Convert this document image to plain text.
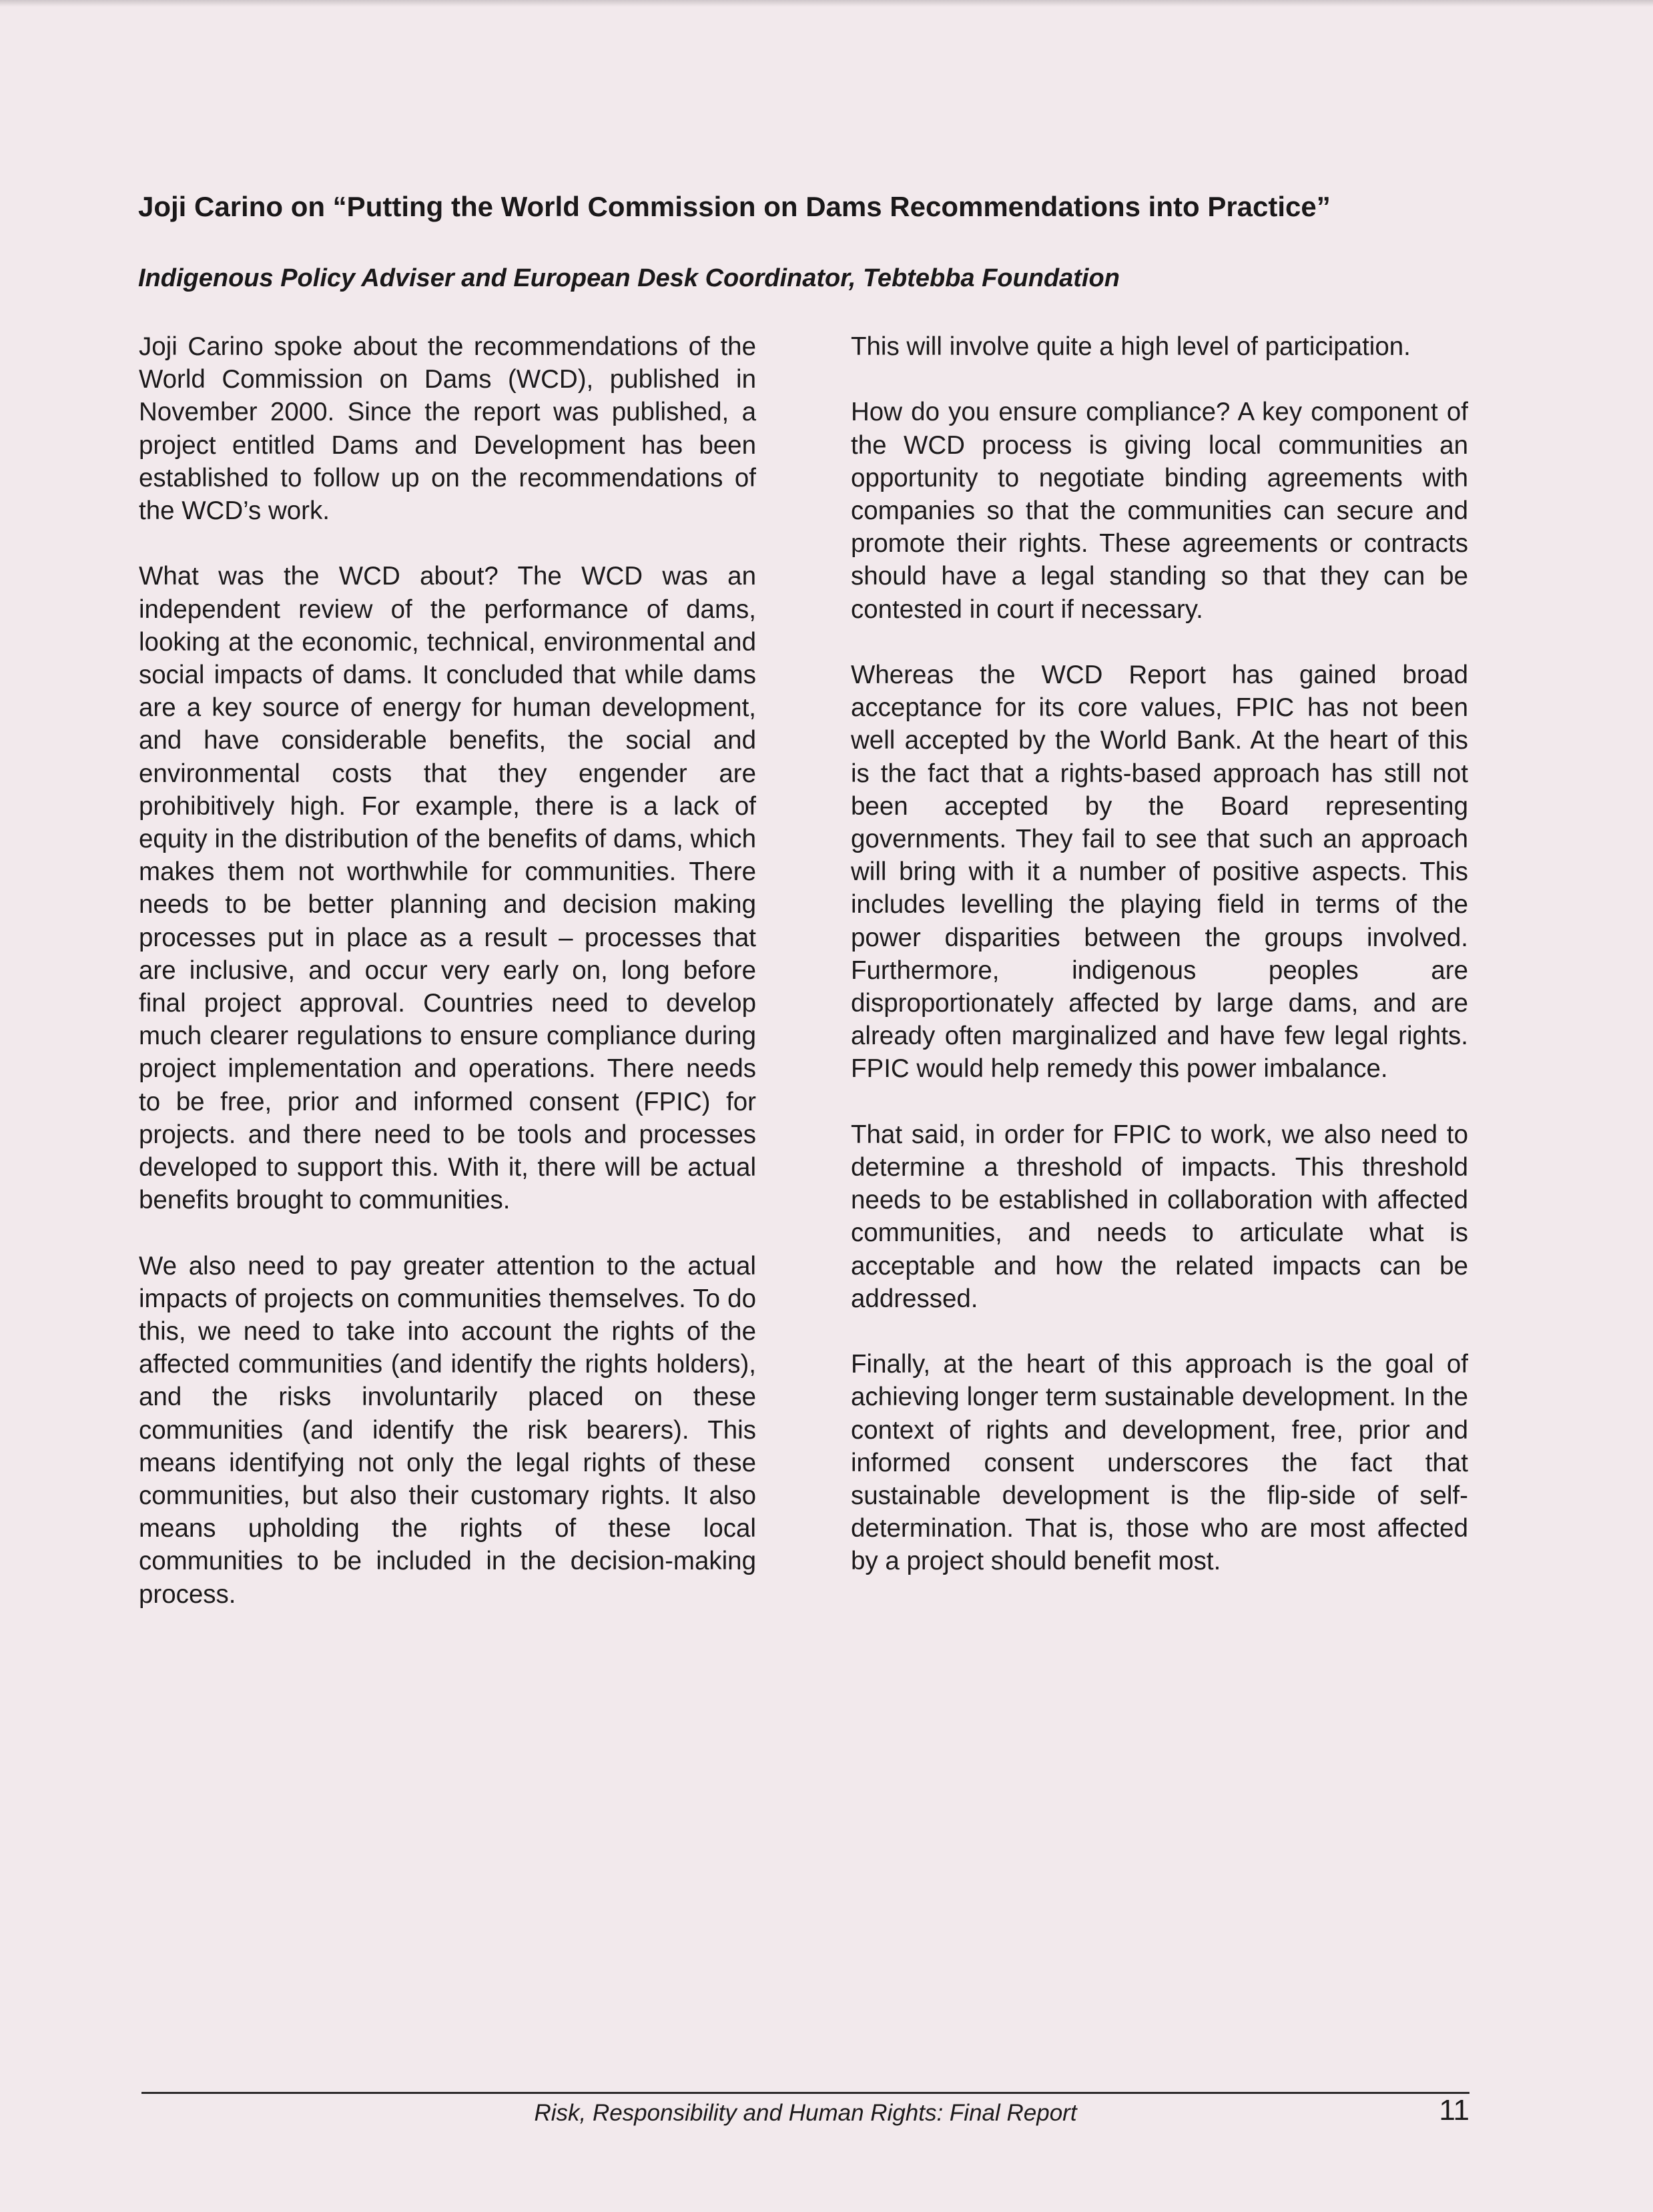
Joji Carino on “Putting the World Commission on Dams Recommendations into Practice”
Indigenous Policy Adviser and European Desk Coordinator, Tebtebba Foundation

Joji Carino spoke about the recommendations of the World Commission on Dams (WCD), published in November 2000. Since the report was published, a project entitled Dams and Development has been established to follow up on the recommendations of the WCD’s work.

What was the WCD about? The WCD was an independent review of the performance of dams, looking at the economic, technical, environmental and social impacts of dams. It concluded that while dams are a key source of energy for human development, and have considerable benefits, the social and environmental costs that they engender are prohibitively high. For example, there is a lack of equity in the distribution of the benefits of dams, which makes them not worthwhile for communities. There needs to be better planning and decision making processes put in place as a result – processes that are inclusive, and occur very early on, long before final project approval. Countries need to develop much clearer regulations to ensure compliance during project implementation and operations. There needs to be free, prior and informed consent (FPIC) for projects. and there need to be tools and processes developed to support this. With it, there will be actual benefits brought to communities.

We also need to pay greater attention to the actual impacts of projects on communities themselves. To do this, we need to take into account the rights of the affected communities (and identify the rights holders), and the risks involuntarily placed on these communities (and identify the risk bearers). This means identifying not only the legal rights of these communities, but also their customary rights. It also means upholding the rights of these local communities to be included in the decision-making process.

This will involve quite a high level of participation.

How do you ensure compliance? A key component of the WCD process is giving local communities an opportunity to negotiate binding agreements with companies so that the communities can secure and promote their rights. These agreements or contracts should have a legal standing so that they can be contested in court if necessary.

Whereas the WCD Report has gained broad acceptance for its core values, FPIC has not been well accepted by the World Bank. At the heart of this is the fact that a rights-based approach has still not been accepted by the Board representing governments. They fail to see that such an approach will bring with it a number of positive aspects. This includes levelling the playing field in terms of the power disparities between the groups involved. Furthermore, indigenous peoples are disproportionately affected by large dams, and are already often marginalized and have few legal rights. FPIC would help remedy this power imbalance.

That said, in order for FPIC to work, we also need to determine a threshold of impacts. This threshold needs to be established in collaboration with affected communities, and needs to articulate what is acceptable and how the related impacts can be addressed.

Finally, at the heart of this approach is the goal of achieving longer term sustainable development. In the context of rights and development, free, prior and informed consent underscores the fact that sustainable development is the flip-side of self-determination. That is, those who are most affected by a project should benefit most.

Risk, Responsibility and Human Rights: Final Report	11
